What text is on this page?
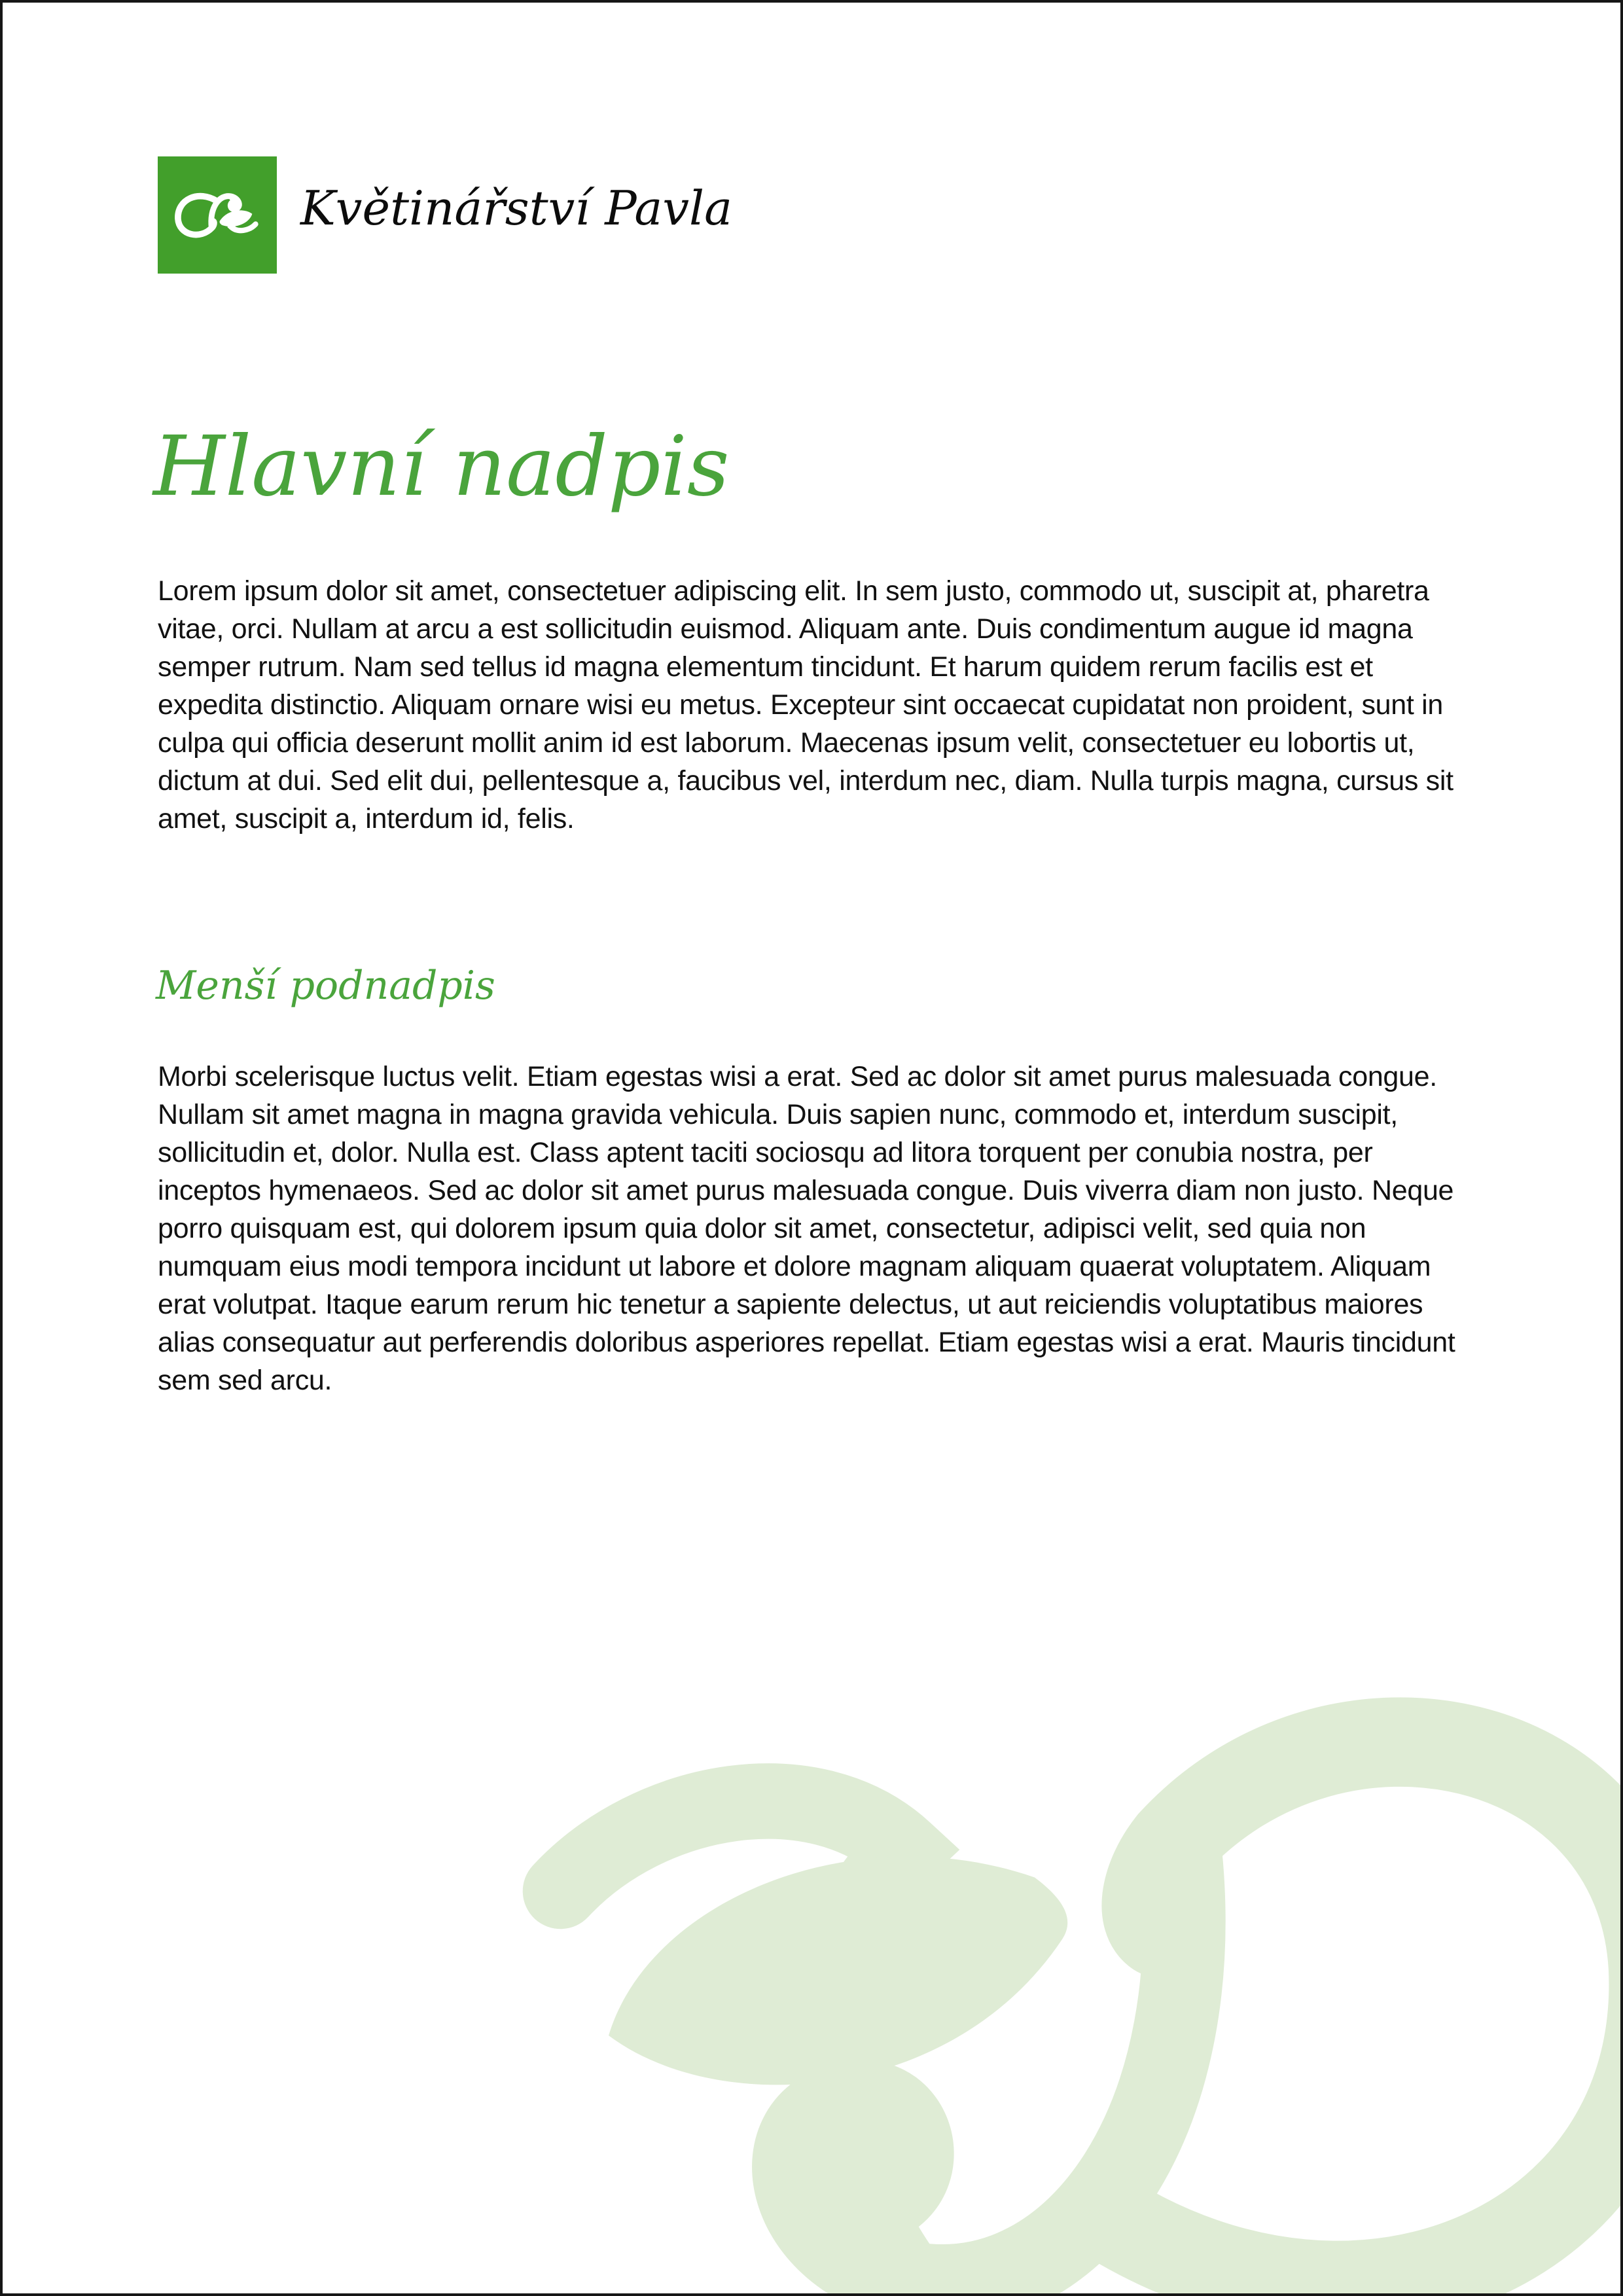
Květinářství Pavla
Hlavní nadpis

Lorem ipsum dolor sit amet, consectetuer adipiscing elit. In sem justo, commodo ut, suscipit at, pharetra vitae, orci. Nullam at arcu a est sollicitudin euismod. Aliquam ante. Duis condimentum augue id magna semper rutrum. Nam sed tellus id magna elementum tincidunt. Et harum quidem rerum facilis est et expedita distinctio. Aliquam ornare wisi eu metus. Excepteur sint occaecat cupidatat non proident, sunt in culpa qui officia deserunt mollit anim id est laborum. Maecenas ipsum velit, consectetuer eu lobortis ut, dictum at dui. Sed elit dui, pellentesque a, faucibus vel, interdum nec, diam. Nulla turpis magna, cursus sit amet, suscipit a, interdum id, felis.

Menší podnadpis

Morbi scelerisque luctus velit. Etiam egestas wisi a erat. Sed ac dolor sit amet purus malesuada congue. Nullam sit amet magna in magna gravida vehicula. Duis sapien nunc, commodo et, interdum suscipit, sollicitudin et, dolor. Nulla est. Class aptent taciti sociosqu ad litora torquent per conubia nostra, per inceptos hymenaeos. Sed ac dolor sit amet purus malesuada congue. Duis viverra diam non justo. Neque porro quisquam est, qui dolorem ipsum quia dolor sit amet, consectetur, adipisci velit, sed quia non numquam eius modi tempora incidunt ut labore et dolore magnam aliquam quaerat voluptatem. Aliquam erat volutpat. Itaque earum rerum hic tenetur a sapiente delectus, ut aut reiciendis voluptatibus maiores alias consequatur aut perferendis doloribus asperiores repellat. Etiam egestas wisi a erat. Mauris tincidunt sem sed arcu.
